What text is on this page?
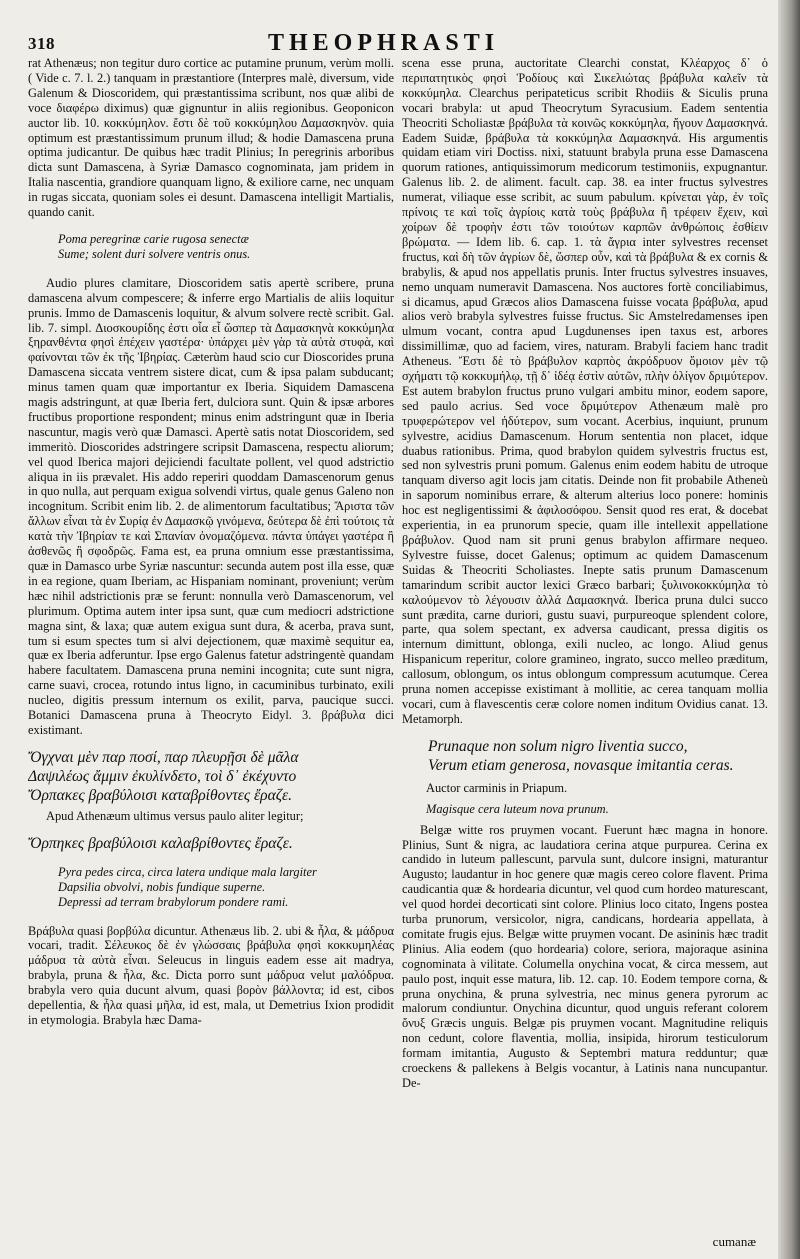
318	THEOPHRASTI

rat Athenæus; non tegitur duro cortice ac putamine prunum, verùm molli. ( Vide c. 7. l. 2.) tanquam in præstantiore (Interpres malè, diversum, vide Galenum & Dioscoridem, qui præstantissima scribunt, nos quæ alibi de voce διαφέρω diximus) quæ gignuntur in aliis regionibus. Geoponicon auctor lib. 10. κοκκύμηλον. ἔστι δὲ τοῦ κοκκύμηλου Δαμασκηνὸν. quia optimum est præstantissimum prunum illud; & hodie Damascena pruna optima judicantur. De quibus hæc tradit Plinius; In peregrinis arboribus dicta sunt Damascena, à Syriæ Damasco cognominata, jam pridem in Italia nascentia, grandiore quanquam ligno, & exiliore carne, nec unquam in rugas siccata, quoniam soles ei desunt. Damascena intelligit Martialis, quando canit.

Poma peregrinæ carie rugosa senectæ
Sume; solent duri solvere ventris onus.

Audio plures clamitare, Dioscoridem satis apertè scribere, pruna damascena alvum compescere; & inferre ergo Martialis de aliis loquitur prunis. Immo de Damascenis loquitur, & alvum solvere rectè scribit. Gal. lib. 7. simpl. Διοσκουρίδης ἐστι οἷα εἶ ὥσπερ τὰ Δαμασκηνὰ κοκκύμηλα ξηρανθέντα φησὶ ἐπέχειν γαστέρα· ὑπάρχει μὲν γὰρ τὰ αὐτὰ στυφὰ, καὶ φαίνονται τῶν ἐκ τῆς Ἰβηρίας. Cæterùm haud scio cur Dioscorides pruna Damascena siccata ventrem sistere dicat, cum & ipsa palam subducant; minus tamen quam quæ importantur ex Iberia. Siquidem Damascena magis adstringunt, at quæ Iberia fert, dulciora sunt. Quin & ipsæ arbores fructibus proportione respondent; minus enim adstringunt quæ in Iberia nascuntur, magis verò quæ Damasci. Apertè satis notat Dioscoridem, sed immeritò. Dioscorides adstringere scripsit Damascena, respectu aliorum; vel quod Iberica majori dejiciendi facultate pollent, vel quod adstrictio aliqua in iis prævalet. His addo reperiri quoddam Damascenorum genus in quo nulla, aut perquam exigua solvendi virtus, quale genus Galeno non incognitum. Scribit enim lib. 2. de alimentorum facultatibus; Ἄριστα τῶν ἄλλων εἶναι τὰ ἐν Συρίᾳ ἐν Δαμασκῷ γινόμενα, δεύτερα δὲ ἐπὶ τούτοις τὰ κατὰ τὴν Ἰβηρίαν τε καὶ Σπανίαν ὀνομαζόμενα. πάντα ὑπάγει γαστέρα ἢ ἀσθενῶς ἢ σφοδρῶς. Fama est, ea pruna omnium esse præstantissima, quæ in Damasco urbe Syriæ nascuntur: secunda autem post illa esse, quæ in ea regione, quam Iberiam, ac Hispaniam nominant, proveniunt; verùm hæc nihil adstrictionis præ se ferunt: nonnulla verò Damascenorum, vel plurimum. Optima autem inter ipsa sunt, quæ cum mediocri adstrictione magna sint, & laxa; quæ autem exigua sunt dura, & acerba, prava sunt, tum si esum spectes tum si alvi dejectionem, quæ maximè sequitur ea, quæ ex Iberia adferuntur. Ipse ergo Galenus fatetur adstringentè quandam habere facultatem. Damascena pruna nemini incognita; cute sunt nigra, carne suavi, crocea, rotundo intus ligno, in cacuminibus turbinato, exili nucleo, digitis pressum internum os exilit, parva, paucique succi. Botanici Damascena pruna à Theocryto Eidyl. 3. βράβυλα dici existimant.

Ὄγχναι μὲν παρ ποσί, παρ πλευρῇσι δὲ μᾶλα
Δαψιλέως ἄμμιν ἐκυλίνδετο, τοὶ δ᾽ ἐκέχυντο
Ὄρπακες βραβύλοισι καταβρίθοντες ἔραζε.

Apud Athenæum ultimus versus paulo aliter legitur;

Ὄρπηκες βραβύλοισι καλαβρίθοντες ἔραζε.
Pyra pedes circa, circa latera undique mala largiter
Dapsilia obvolvi, nobis fundique superne.
Depressi ad terram brabylorum pondere rami.

Βράβυλα quasi βορβύλα dicuntur. Athenæus lib. 2. ubi & ἦλα, & μάδρυα vocari, tradit. Σέλευκος δὲ ἐν γλώσσαις βράβυλα φησὶ κοκκυμηλέας μάδρυα τὰ αὐτὰ εἶναι. Seleucus in linguis eadem esse ait madrya, brabyla, pruna & ἦλα, &c. Dicta porro sunt μάδρυα velut μαλόδρυα. brabyla vero quia ducunt alvum, quasi βορὸν βάλλοντα; id est, cibos depellentia, & ἦλα quasi μῆλα, id est, mala, ut Demetrius Ixion prodidit in etymologia. Brabyla hæc Dama-

scena esse pruna, auctoritate Clearchi constat, Κλέαρχος δ᾽ ὁ περιπατητικὸς φησὶ Ῥοδίους καὶ Σικελιώτας βράβυλα καλεῖν τὰ κοκκύμηλα. Clearchus peripateticus scribit Rhodiis & Siculis pruna vocari brabyla: ut apud Theocrytum Syracusium. Eadem sententia Theocriti Scholiastæ βράβυλα τὰ κοινῶς κοκκύμηλα, ἤγουν Δαμασκηνά. Eadem Suidæ, βράβυλα τὰ κοκκύμηλα Δαμασκηνά. His argumentis quidam etiam viri Doctiss. nixi, statuunt brabyla pruna esse Damascena quorum rationes, antiquissimorum medicorum testimoniis, expugnantur. Galenus lib. 2. de aliment. facult. cap. 38. ea inter fructus sylvestres numerat, viliaque esse scribit, ac suum pabulum. κρίνεται γὰρ, ἐν τοῖς πρίνοις τε καὶ τοῖς ἀγρίοις κατὰ τοὺς βράβυλα ἢ τρέφειν ἔχειν, καὶ χοίρων δὲ τροφὴν ἐστι τῶν τοιούτων καρπῶν ἀνθρώποις ἐσθίειν βρώματα. — Idem lib. 6. cap. 1. τὰ ἄγρια inter sylvestres recenset fructus, καὶ δὴ τῶν ἀγρίων δὲ, ὥσπερ οὖν, καὶ τὰ βράβυλα & ex cornis & brabylis, & apud nos appellatis prunis. Inter fructus sylvestres insuaves, nemo unquam numeravit Damascena. Nos auctores fortè conciliabimus, si dicamus, apud Græcos alios Damascena fuisse vocata βράβυλα, apud alios verò brabyla sylvestres fuisse fructus. Sic Amstelredamenses ipen ulmum vocant, contra apud Lugdunenses ipen taxus est, arbores dissimillimæ, quo ad faciem, vires, naturam. Brabyli faciem hanc tradit Atheneus. Ἔστι δὲ τὸ βράβυλον καρπὸς ἀκρόδρυον ὅμοιον μὲν τῷ σχήματι τῷ κοκκυμήλῳ, τῇ δ᾽ ἰδέᾳ ἐστὶν αὐτῶν, πλὴν ὀλίγον δριμύτερον. Est autem brabylon fructus pruno vulgari ambitu minor, eodem sapore, sed paulo acrius. Sed voce δριμύτερον Athenæum malè pro τρυφερώτερον vel ἡδύτερον, sum vocant. Acerbius, inquiunt, prunum sylvestre, acidius Damascenum. Horum sententia non placet, idque duabus rationibus. Prima, quod brabylon quidem sylvestris fructus est, sed non sylvestris pruni pomum. Galenus enim eodem habitu de utroque tanquam diverso agit locis jam citatis. Deinde non fit probabile Atheneù in saporum nominibus errare, & alterum alterius loco ponere: hominis hoc est negligentissimi & ἀφιλοσόφου. Sensit quod res erat, & docebat experientia, in ea prunorum specie, quam ille intellexit appellatione βράβυλον. Quod nam sit pruni genus brabylon affirmare nequeo. Sylvestre fuisse, docet Galenus; optimum ac quidem Damascenum Suidas & Theocriti Scholiastes. Inepte satis prunum Damascenum tamarindum scribit auctor lexici Græco barbari; ξυλινοκοκκύμηλα τὸ καλούμενον τὸ λέγουσιν ἀλλά Δαμασκηνά. Iberica pruna dulci succo sunt prædita, carne duriori, gustu suavi, purpureoque splendent colore, parte, qua solem spectant, ex adversa caudicant, pressa digitis os internum dimittunt, oblonga, exili nucleo, ac longo. Aliud genus Hispanicum reperitur, colore gramineo, ingrato, succo melleo præditum, callosum, oblongum, os intus oblongum compressum acutumque. Cerea pruna nomen accepisse existimant à mollitie, ac cerea tanquam mollia vocari, cum à flavescentis ceræ colore nomen inditum Ovidius canat. 13. Metamorph.

Prunaque non solum nigro liventia succo,
Verum etiam generosa, novasque imitantia ceras.
Auctor carminis in Priapum.
Magisque cera luteum nova prunum.

Belgæ witte ros pruymen vocant. Fuerunt hæc magna in honore. Plinius, Sunt & nigra, ac laudatiora cerina atque purpurea. Cerina ex candido in luteum pallescunt, parvula sunt, dulcore insigni, maturantur Augusto; laudantur in hoc genere quæ magis cereo colore flavent. Prima caudicantia quæ & hordearia dicuntur, vel quod cum hordeo maturescant, vel quod hordei decorticati sint colore. Plinius loco citato, Ingens postea turba prunorum, versicolor, nigra, candicans, hordearia appellata, à comitate frugis ejus. Belgæ witte pruymen vocant. De asininis hæc tradit Plinius. Alia eodem (quo hordearia) colore, seriora, majoraque asinina cognominata à vilitate. Columella onychina vocat, & circa messem, aut paulo post, inquit esse matura, lib. 12. cap. 10. Eodem tempore corna, & pruna onychina, & pruna sylvestria, nec minus genera pyrorum ac malorum condiuntur. Onychina dicuntur, quod unguis referant colorem ὄνυξ Græcis unguis. Belgæ pis pruymen vocant. Magnitudine reliquis non cedunt, colore flaventia, mollia, insipida, hirorum testiculorum formam imitantia, Augusto & Septembri matura redduntur; quæ croeckens & pallekens à Belgis vocantur, à Latinis nana nuncupantur. De-

cumanæ
